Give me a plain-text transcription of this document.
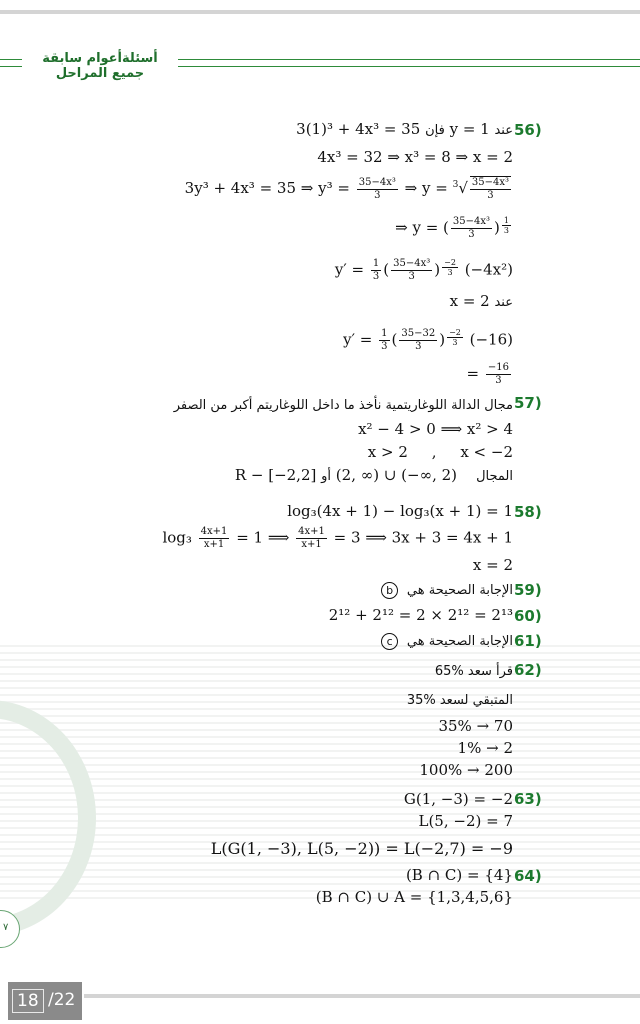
أسئلةأعوام سابقة جميع المراحل
56)
3(1)³ + 4x³ = 35 فإن y = 1 عند
4x³ = 32 ⇒ x³ = 8 ⇒ x = 2
3y³ + 4x³ = 35 ⇒ $y^3 = \frac{\text{35−4x³}}{3}$ ⇒ $y = ^3√ \frac{\text{35−4x³}}{3}$
⇒ y = ( $\frac{\text{35−4x³}}{3}$ ) $\frac{1}{3}$
$y' = \frac{1}{3}$ ( $\frac{\text{35−4x³}}{3}$ ) $\frac{-2}{3} (-4x^2)$
x = 2 عند
$y' = \frac{1}{3}$ ( $\frac{35-32}{3}$ ) $\frac{-2}{3} (-16)$
= $\frac{-16}{3}$
57)
مجال الدالة اللوغاريتمية نأخذ ما داخل اللوغاريتم أكبر من الصفر
x² − 4 > 0 ⟹ x² > 4
x > 2     ,     x < −2
R − [−2,2] أو (2, ∞) ∪ (−∞, 2) المجال
58)
log₃(4x + 1) − log₃(x + 1) = 1
$\log_3 \frac{4x+1}{x+1} = 1$ ⟹ $\frac{4x+1}{x+1} = 3$ ⟹ 3x + 3 = 4x + 1
x = 2
59)
b الإجابة الصحيحة هي
60)
2¹² + 2¹² = 2 × 2¹² = 2¹³
61)
c الإجابة الصحيحة هي
62)
قرأ سعد %65
المتبقي لسعد %35
35% → 70
1% → 2
100% → 200
63)
G(1, −3) = −2
L(5, −2) = 7
L(G(1, −3), L(5, −2)) = L(−2,7) = −9
64)
(B ∩ C) = {4}
(B ∩ C) ∪ A = {1,3,4,5,6}
٧
18 /22
